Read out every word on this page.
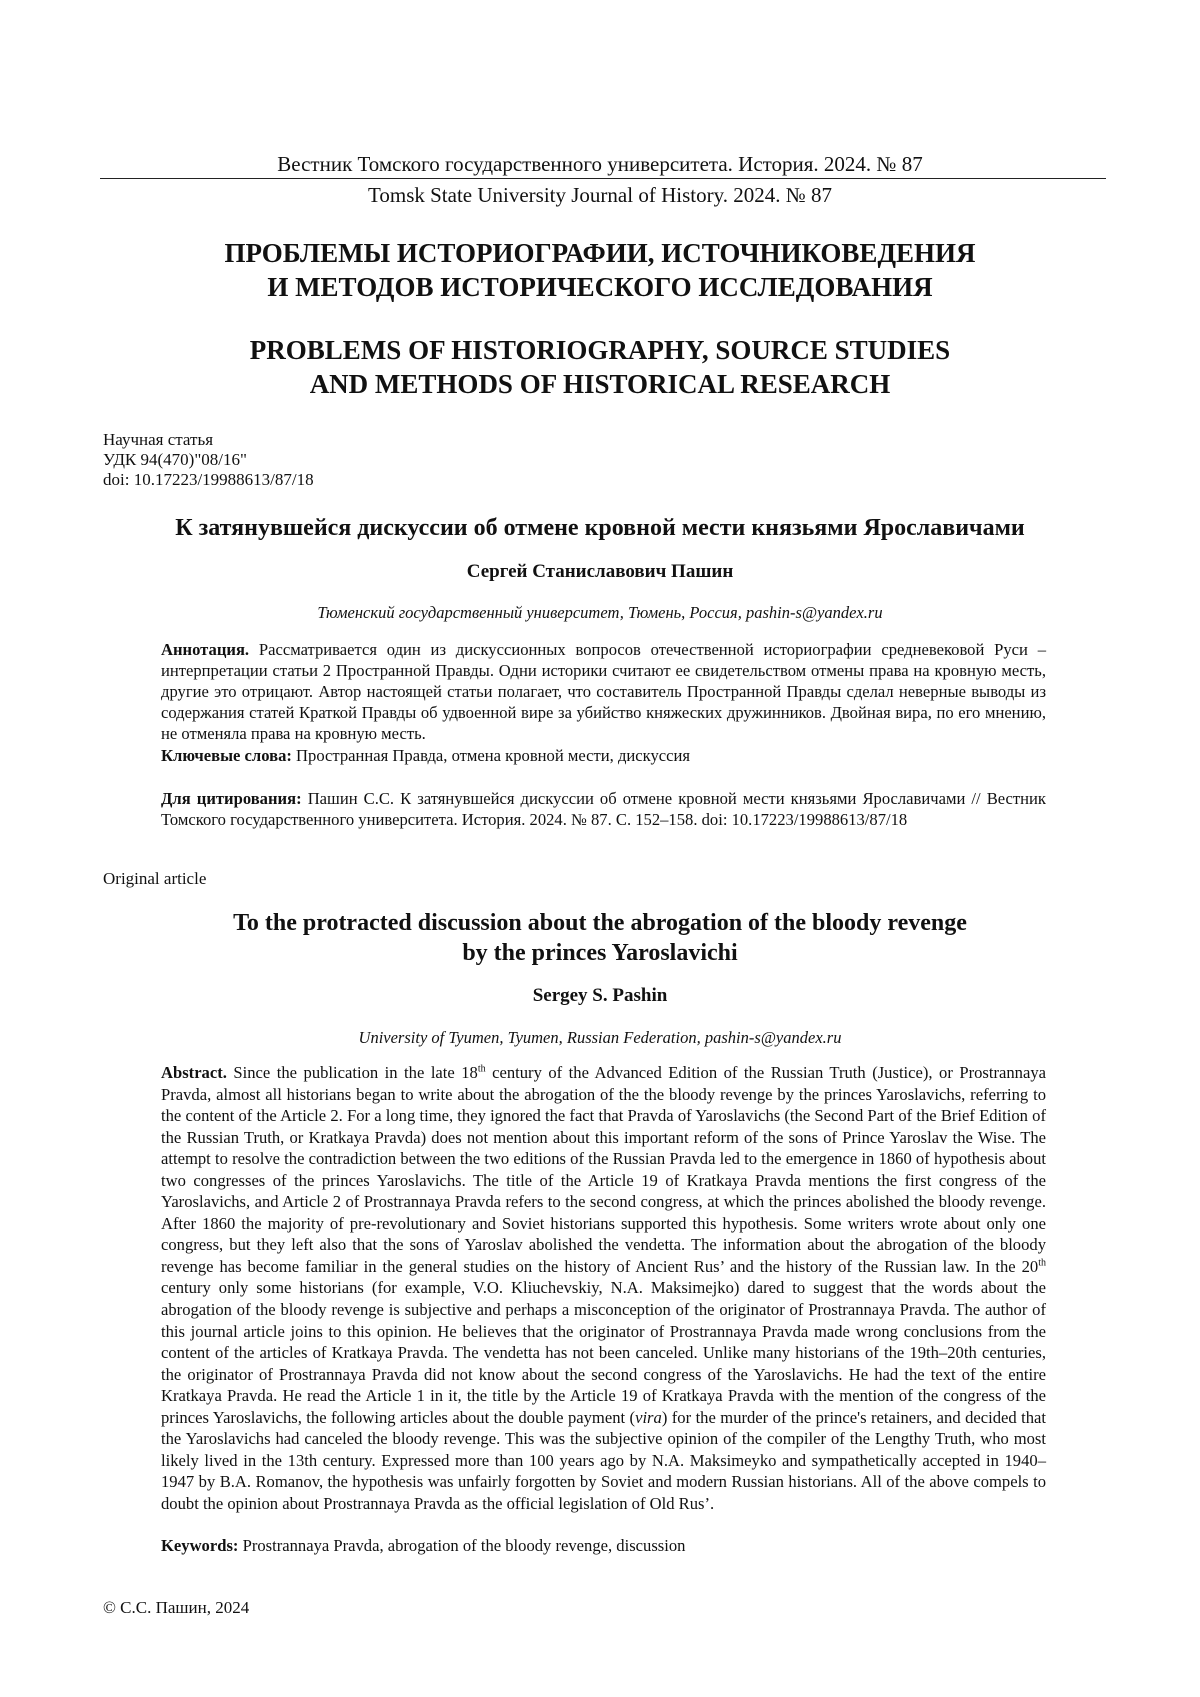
Вестник Томского государственного университета. История. 2024. № 87
Tomsk State University Journal of History. 2024. № 87
ПРОБЛЕМЫ ИСТОРИОГРАФИИ, ИСТОЧНИКОВЕДЕНИЯ
И МЕТОДОВ ИСТОРИЧЕСКОГО ИССЛЕДОВАНИЯ
PROBLEMS OF HISTORIOGRAPHY, SOURCE STUDIES
AND METHODS OF HISTORICAL RESEARCH
Научная статья
УДК 94(470)"08/16"
doi: 10.17223/19988613/87/18
К затянувшейся дискуссии об отмене кровной мести князьями Ярославичами
Сергей Станиславович Пашин
Тюменский государственный университет, Тюмень, Россия, pashin-s@yandex.ru
Аннотация. Рассматривается один из дискуссионных вопросов отечественной историографии средневековой Руси – интерпретации статьи 2 Пространной Правды. Одни историки считают ее свидетельством отмены права на кровную месть, другие это отрицают. Автор настоящей статьи полагает, что составитель Пространной Правды сделал неверные выводы из содержания статей Краткой Правды об удвоенной вире за убийство княжеских дружинников. Двойная вира, по его мнению, не отменяла права на кровную месть.
Ключевые слова: Пространная Правда, отмена кровной мести, дискуссия
Для цитирования: Пашин С.С. К затянувшейся дискуссии об отмене кровной мести князьями Ярославичами // Вестник Томского государственного университета. История. 2024. № 87. С. 152–158. doi: 10.17223/19988613/87/18
Original article
To the protracted discussion about the abrogation of the bloody revenge
by the princes Yaroslavichi
Sergey S. Pashin
University of Tyumen, Tyumen, Russian Federation, pashin-s@yandex.ru
Abstract. Since the publication in the late 18th century of the Advanced Edition of the Russian Truth (Justice), or Prostrannaya Pravda, almost all historians began to write about the abrogation of the the bloody revenge by the princes Yaroslavichs, referring to the content of the Article 2. For a long time, they ignored the fact that Pravda of Yaroslavichs (the Second Part of the Brief Edition of the Russian Truth, or Kratkaya Pravda) does not mention about this important reform of the sons of Prince Yaroslav the Wise. The attempt to resolve the contradiction between the two editions of the Russian Pravda led to the emergence in 1860 of hypothesis about two congresses of the princes Yaroslavichs. The title of the Article 19 of Kratkaya Pravda mentions the first congress of the Yaroslavichs, and Article 2 of Prostrannaya Pravda refers to the second congress, at which the princes abolished the bloody revenge. After 1860 the majority of pre-revolutionary and Soviet historians supported this hypothesis. Some writers wrote about only one congress, but they left also that the sons of Yaroslav abolished the vendetta. The information about the abrogation of the bloody revenge has become familiar in the general studies on the history of Ancient Rus’ and the history of the Russian law. In the 20th century only some historians (for example, V.O. Kliuchevskiy, N.A. Maksimejko) dared to suggest that the words about the abrogation of the bloody revenge is subjective and perhaps a misconception of the originator of Prostrannaya Pravda. The author of this journal article joins to this opinion. He believes that the originator of Prostrannaya Pravda made wrong conclusions from the content of the articles of Kratkaya Pravda. The vendetta has not been canceled. Unlike many historians of the 19th–20th centuries, the originator of Prostrannaya Pravda did not know about the second congress of the Yaroslavichs. He had the text of the entire Kratkaya Pravda. He read the Article 1 in it, the title by the Article 19 of Kratkaya Pravda with the mention of the congress of the princes Yaroslavichs, the following articles about the double payment (vira) for the murder of the prince's retainers, and decided that the Yaroslavichs had canceled the bloody revenge. This was the subjective opinion of the compiler of the Lengthy Truth, who most likely lived in the 13th century. Expressed more than 100 years ago by N.A. Maksimeyko and sympathetically accepted in 1940–1947 by B.A. Romanov, the hypothesis was unfairly forgotten by Soviet and modern Russian historians. All of the above compels to doubt the opinion about Prostrannaya Pravda as the official legislation of Old Rus’.
Keywords: Prostrannaya Pravda, abrogation of the bloody revenge, discussion
© С.С. Пашин, 2024
